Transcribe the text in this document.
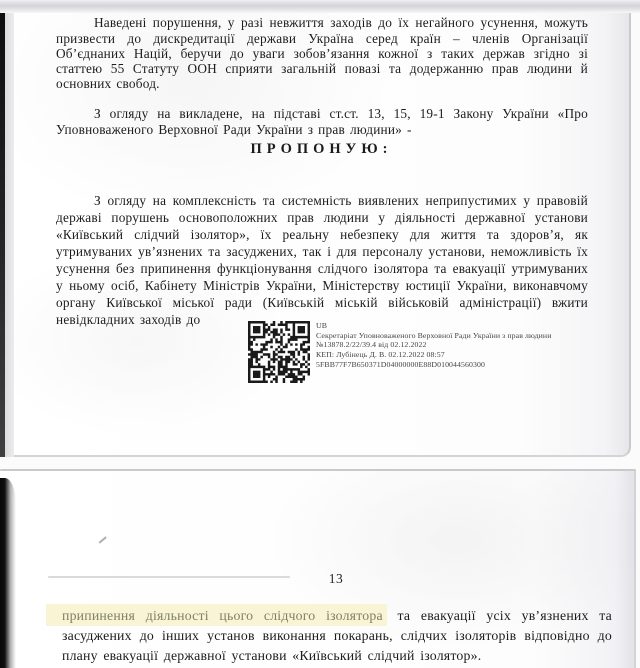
Наведені порушення, у разі невжиття заходів до їх негайного усунення, можуть призвести до дискредитації держави Україна серед країн – членів Організації Об’єднаних Націй, беручи до уваги зобов’язання кожної з таких держав згідно зі статтею 55 Статуту ООН сприяти загальній повазі та додержанню прав людини й основних свобод.

З огляду на викладене, на підставі ст.ст. 13, 15, 19-1 Закону України «Про Уповноваженого Верховної Ради України з прав людини» -

ПРОПОНУЮ:

З огляду на комплексність та системність виявлених неприпустимих у правовій державі порушень основоположних прав людини у діяльності державної установи «Київський слідчий ізолятор», їх реальну небезпеку для життя та здоров’я, як утримуваних ув’язнених та засуджених, так і для персоналу установи, неможливість їх усунення без припинення функціонування слідчого ізолятора та евакуації утримуваних у ньому осіб, Кабінету Міністрів України, Міністерству юстиції України, виконавчому органу Київської міської ради (Київській міській військовій адміністрації) вжити невідкладних заходів до	UB
Секретаріат Уповноваженого Верховної Ради України з прав людини
№13878.2/22/39.4 від 02.12.2022
КЕП: Лубінець Д. В. 02.12.2022 08:57
5FBB77F7B650371D04000000E88D010044560300
13

припинення діяльності цього слідчого ізолятора та евакуації усіх ув’язнених та засуджених до інших установ виконання покарань, слідчих ізоляторів відповідно до плану евакуації державної установи «Київський слідчий ізолятор».
